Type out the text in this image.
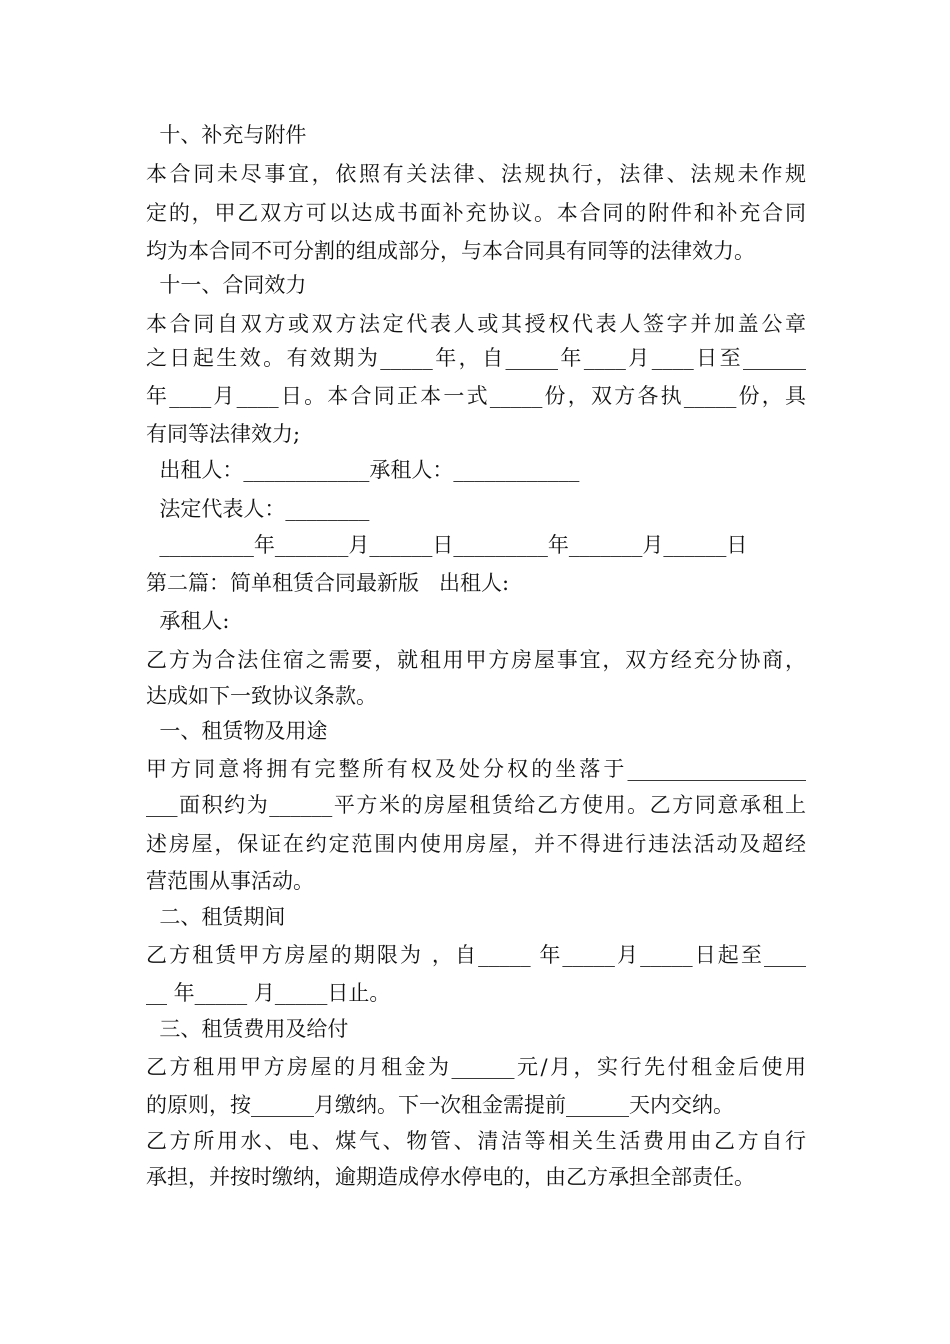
十、补充与附件
本合同未尽事宜，依照有关法律、法规执行，法律、法规未作规
定的，甲乙双方可以达成书面补充协议。本合同的附件和补充合同
均为本合同不可分割的组成部分，与本合同具有同等的法律效力。
十一、合同效力
本合同自双方或双方法定代表人或其授权代表人签字并加盖公章
之日起生效。有效期为_____年，自_____年____月____日至______
年____月____日。本合同正本一式_____份，双方各执_____份，具
有同等法律效力;
出租人：____________承租人：____________
法定代表人：________
_________年_______月______日_________年_______月______日
第二篇：简单租赁合同最新版   出租人:
承租人:
乙方为合法住宿之需要，就租用甲方房屋事宜，双方经充分协商，
达成如下一致协议条款。
一、租赁物及用途
甲方同意将拥有完整所有权及处分权的坐落于_________________
___面积约为______平方米的房屋租赁给乙方使用。乙方同意承租上
述房屋，保证在约定范围内使用房屋，并不得进行违法活动及超经
营范围从事活动。
二、租赁期间
乙方租赁甲方房屋的期限为 ，自_____ 年_____月_____日起至____
__ 年_____ 月_____日止。
三、租赁费用及给付
乙方租用甲方房屋的月租金为______元/月，实行先付租金后使用
的原则，按______月缴纳。下一次租金需提前______天内交纳。
乙方所用水、电、煤气、物管、清洁等相关生活费用由乙方自行
承担，并按时缴纳，逾期造成停水停电的，由乙方承担全部责任。
